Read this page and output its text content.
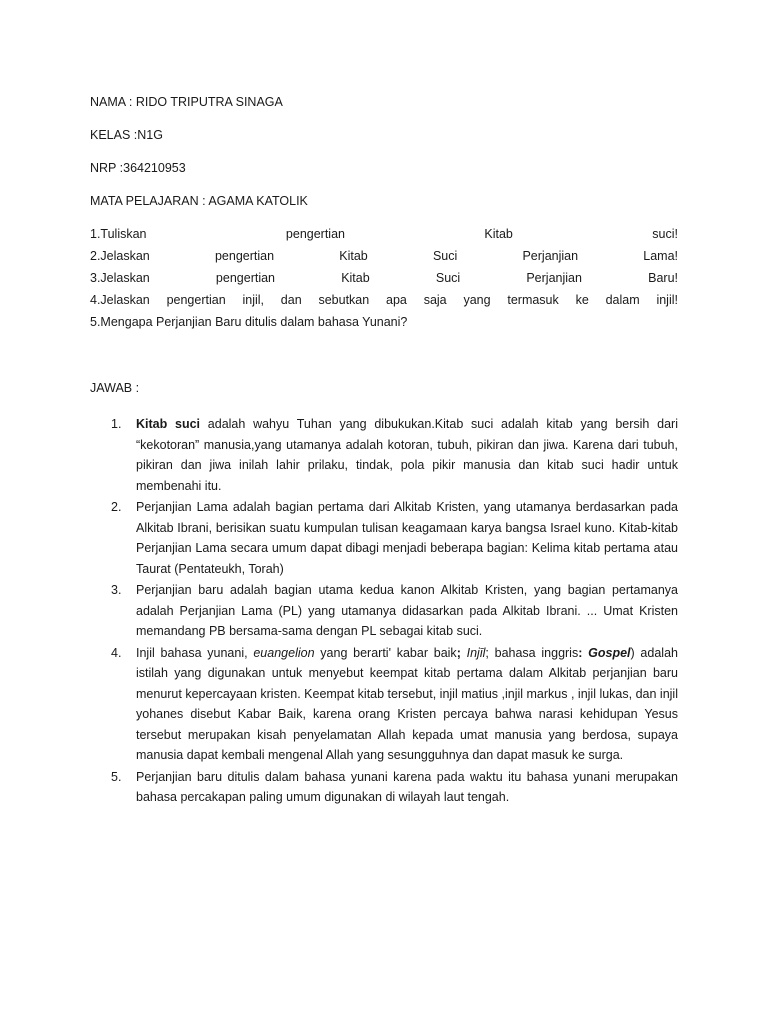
NAMA : RIDO TRIPUTRA SINAGA
KELAS :N1G
NRP :364210953
MATA PELAJARAN : AGAMA KATOLIK
1.Tuliskan pengertian Kitab suci!
2.Jelaskan pengertian Kitab Suci Perjanjian Lama!
3.Jelaskan pengertian Kitab Suci Perjanjian Baru!
4.Jelaskan pengertian injil, dan sebutkan apa saja yang termasuk ke dalam injil!
5.Mengapa Perjanjian Baru ditulis dalam bahasa Yunani?
JAWAB :
1. Kitab suci adalah wahyu Tuhan yang dibukukan.Kitab suci adalah kitab yang bersih dari “kekotoran” manusia,yang utamanya adalah kotoran, tubuh, pikiran dan jiwa. Karena dari tubuh, pikiran dan jiwa inilah lahir prilaku, tindak, pola pikir manusia dan kitab suci hadir untuk membenahi itu.
2. Perjanjian Lama adalah bagian pertama dari Alkitab Kristen, yang utamanya berdasarkan pada Alkitab Ibrani, berisikan suatu kumpulan tulisan keagamaan karya bangsa Israel kuno. Kitab-kitab Perjanjian Lama secara umum dapat dibagi menjadi beberapa bagian: Kelima kitab pertama atau Taurat (Pentateukh, Torah)
3. Perjanjian baru adalah bagian utama kedua kanon Alkitab Kristen, yang bagian pertamanya adalah Perjanjian Lama (PL) yang utamanya didasarkan pada Alkitab Ibrani. ... Umat Kristen memandang PB bersama-sama dengan PL sebagai kitab suci.
4. Injil bahasa yunani, euangelion yang berarti' kabar baik; Injīl; bahasa inggris: Gospel) adalah istilah yang digunakan untuk menyebut keempat kitab pertama dalam Alkitab perjanjian baru menurut kepercayaan kristen. Keempat kitab tersebut, injil matius ,injil markus , injil lukas, dan injil yohanes disebut Kabar Baik, karena orang Kristen percaya bahwa narasi kehidupan Yesus tersebut merupakan kisah penyelamatan Allah kepada umat manusia yang berdosa, supaya manusia dapat kembali mengenal Allah yang sesungguhnya dan dapat masuk ke surga.
5. Perjanjian baru ditulis dalam bahasa yunani karena pada waktu itu bahasa yunani merupakan bahasa percakapan paling umum digunakan di wilayah laut tengah.
